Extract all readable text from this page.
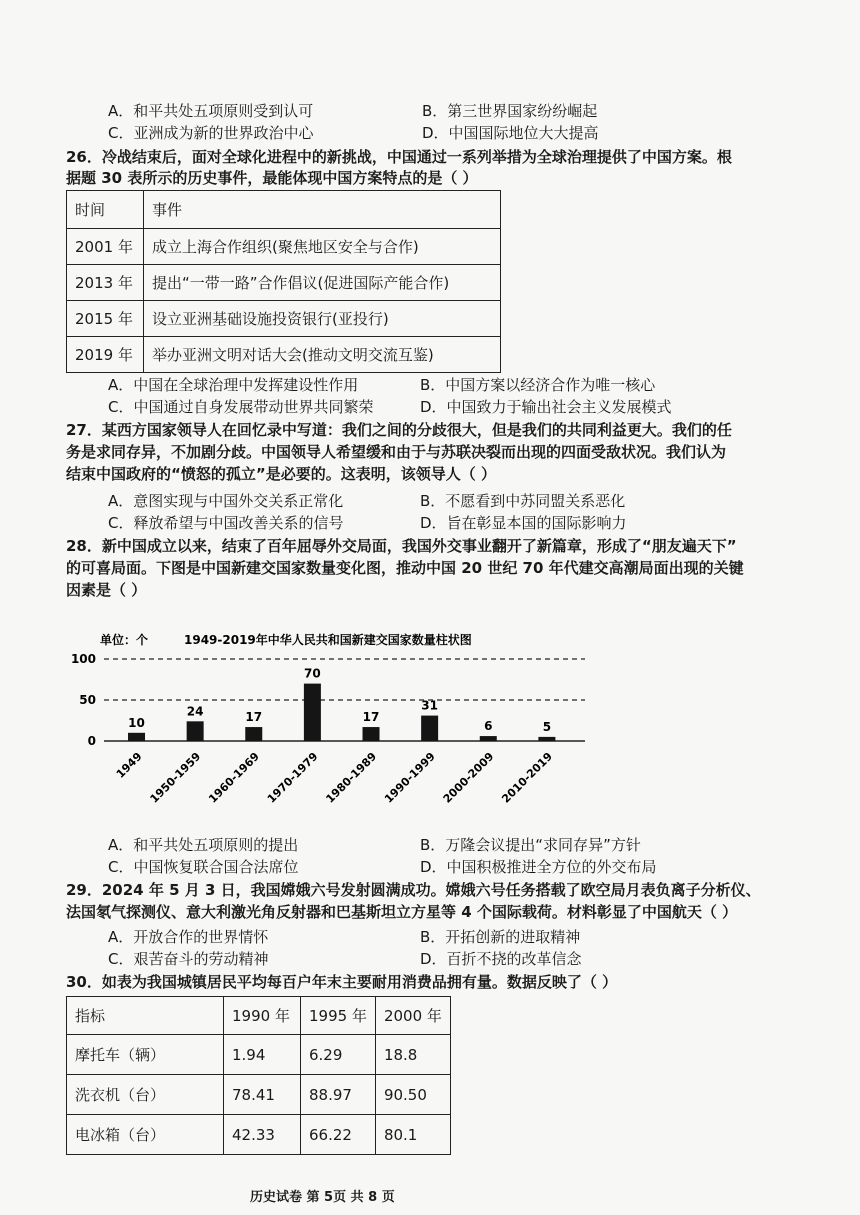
A．和平共处五项原则受到认可	B．第三世界国家纷纷崛起
C．亚洲成为新的世界政治中心	D．中国国际地位大大提高
26．冷战结束后，面对全球化进程中的新挑战，中国通过一系列举措为全球治理提供了中国方案。根
据题 30 表所示的历史事件，最能体现中国方案特点的是（ ）
时间	事件
2001 年	成立上海合作组织(聚焦地区安全与合作)
2013 年	提出“一带一路”合作倡议(促进国际产能合作)
2015 年	设立亚洲基础设施投资银行(亚投行)
2019 年	举办亚洲文明对话大会(推动文明交流互鉴)
A．中国在全球治理中发挥建设性作用	B．中国方案以经济合作为唯一核心
C．中国通过自身发展带动世界共同繁荣	D．中国致力于输出社会主义发展模式
27．某西方国家领导人在回忆录中写道：我们之间的分歧很大，但是我们的共同利益更大。我们的任
务是求同存异，不加剧分歧。中国领导人希望缓和由于与苏联决裂而出现的四面受敌状况。我们认为
结束中国政府的“愤怒的孤立”是必要的。这表明，该领导人（ ）
A．意图实现与中国外交关系正常化	B．不愿看到中苏同盟关系恶化
C．释放希望与中国改善关系的信号	D．旨在彰显本国的国际影响力
28．新中国成立以来，结束了百年屈辱外交局面，我国外交事业翻开了新篇章，形成了“朋友遍天下”
的可喜局面。下图是中国新建交国家数量变化图，推动中国 20 世纪 70 年代建交高潮局面出现的关键
因素是（ ）
单位：个	1949-2019年中华人民共和国新建交国家数量柱状图
0
50
100
10
24	17
70
17
31
6	5
1949 1950-1959 1960-1969 1970-1979 1980-1989 1990-1999 2000-2009 2010-2019
A．和平共处五项原则的提出	B．万隆会议提出“求同存异”方针
C．中国恢复联合国合法席位	D．中国积极推进全方位的外交布局
29．2024 年 5 月 3 日，我国嫦娥六号发射圆满成功。嫦娥六号任务搭载了欧空局月表负离子分析仪、
法国氡气探测仪、意大利激光角反射器和巴基斯坦立方星等 4 个国际载荷。材料彰显了中国航天（ ）
A．开放合作的世界情怀	B．开拓创新的进取精神
C．艰苦奋斗的劳动精神	D．百折不挠的改革信念
30．如表为我国城镇居民平均每百户年末主要耐用消费品拥有量。数据反映了（ ）
指标	1990 年	1995 年	2000 年
摩托车（辆）	1.94	6.29	18.8
洗衣机（台）	78.41	88.97	90.50
电冰箱（台）	42.33	66.22	80.1
历史试卷 第 5页 共 8 页
